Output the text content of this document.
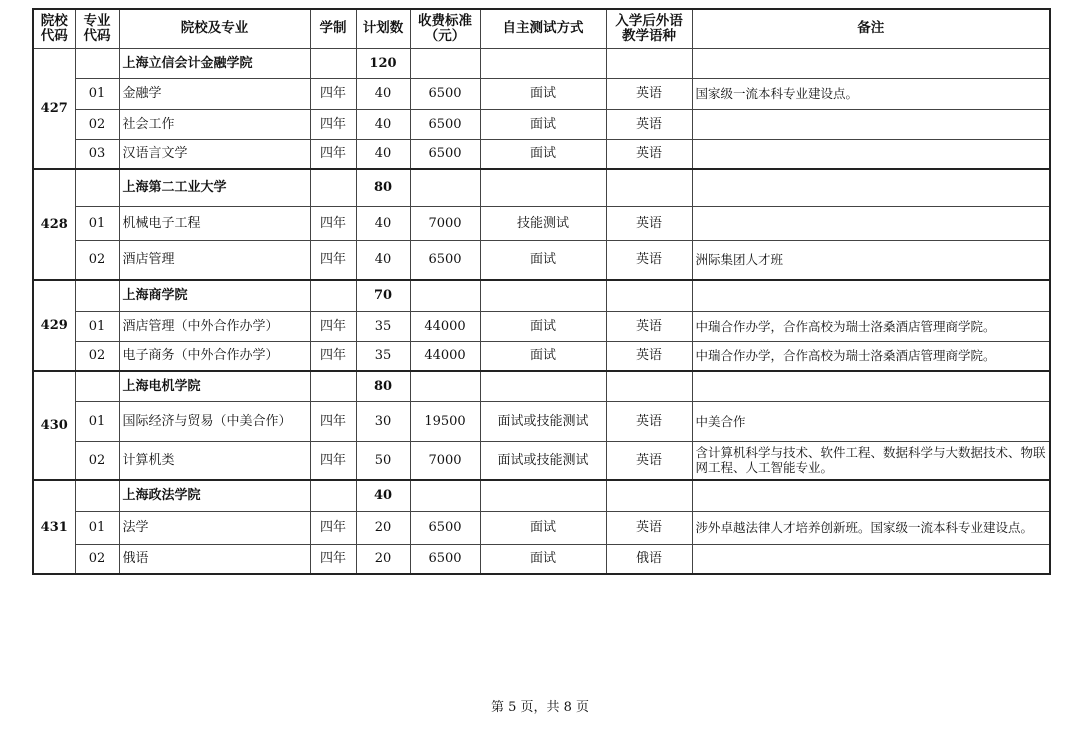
院校代码	专业代码	院校及专业	学制	计划数	收费标准（元）	自主测试方式	入学后外语教学语种	备注
427		上海立信会计金融学院		120				
	01	金融学	四年	40	6500	面试	英语	国家级一流本科专业建设点。
	02	社会工作	四年	40	6500	面试	英语	
	03	汉语言文学	四年	40	6500	面试	英语	
428		上海第二工业大学		80				
	01	机械电子工程	四年	40	7000	技能测试	英语	
	02	酒店管理	四年	40	6500	面试	英语	洲际集团人才班
429		上海商学院		70				
	01	酒店管理（中外合作办学）	四年	35	44000	面试	英语	中瑞合作办学，合作高校为瑞士洛桑酒店管理商学院。
	02	电子商务（中外合作办学）	四年	35	44000	面试	英语	中瑞合作办学，合作高校为瑞士洛桑酒店管理商学院。
430		上海电机学院		80				
	01	国际经济与贸易（中美合作）	四年	30	19500	面试或技能测试	英语	中美合作
	02	计算机类	四年	50	7000	面试或技能测试	英语	含计算机科学与技术、软件工程、数据科学与大数据技术、物联网工程、人工智能专业。
431		上海政法学院		40				
	01	法学	四年	20	6500	面试	英语	涉外卓越法律人才培养创新班。国家级一流本科专业建设点。
	02	俄语	四年	20	6500	面试	俄语	
第 5 页，共 8 页
